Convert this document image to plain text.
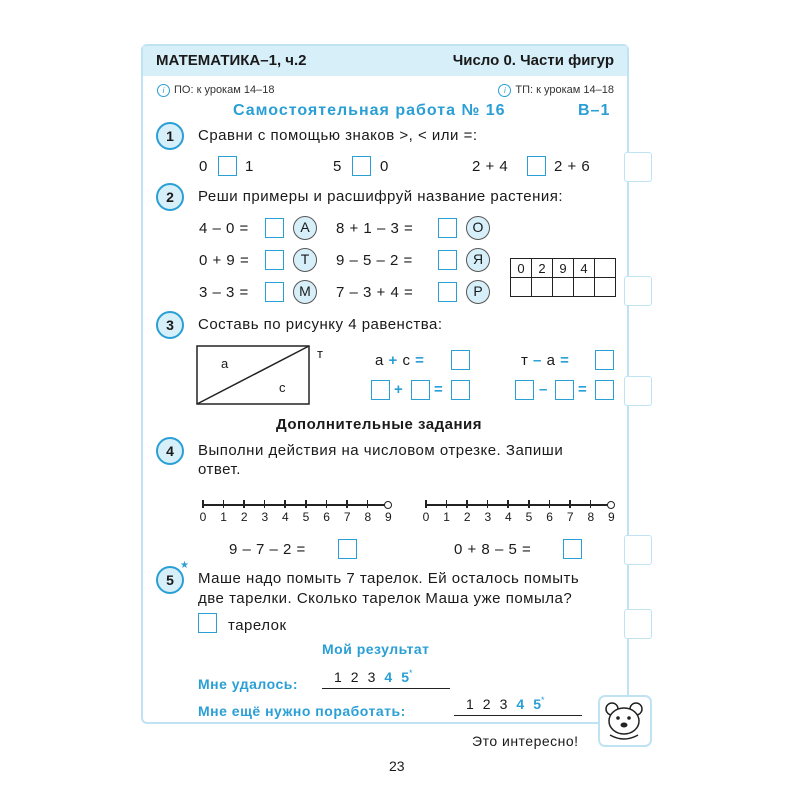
МАТЕМАТИКА–1, ч.2	Число 0. Части фигур
i ПО: к урокам 14–18	i ТП: к урокам 14–18
Самостоятельная работа № 16	В–1
1	Сравни с помощью знаков >, < или =:
0 1	5	0	2 + 4	2 + 6
2	Реши примеры и расшифруй название растения:
4 – 0 =	А	8 + 1 – 3 =	О
0 + 9 =	Т	9 – 5 – 2 =	Я
3 – 3 =	М	7 – 3 + 4 =	Р
0	2	9	4	

3	Составь по рисунку 4 равенства:
а
с
т	а + с =	т – а =
+ =	– =
Дополнительные задания
4	Выполни действия на числовом отрезке. Запиши
ответ.
0 1 2 3 4 5 6 7 8 9	0 1 2 3 4 5 6 7 8 9
9 – 7 – 2 =	0 + 8 – 5 =
5
★
Маше надо помыть 7 тарелок. Ей осталось помыть
две тарелки. Сколько тарелок Маша уже помыла?
тарелок
Мой результат
Мне удалось:	1 2 3 4 5*
Мне ещё нужно поработать:	1 2 3 4 5*
Это интересно!
23
